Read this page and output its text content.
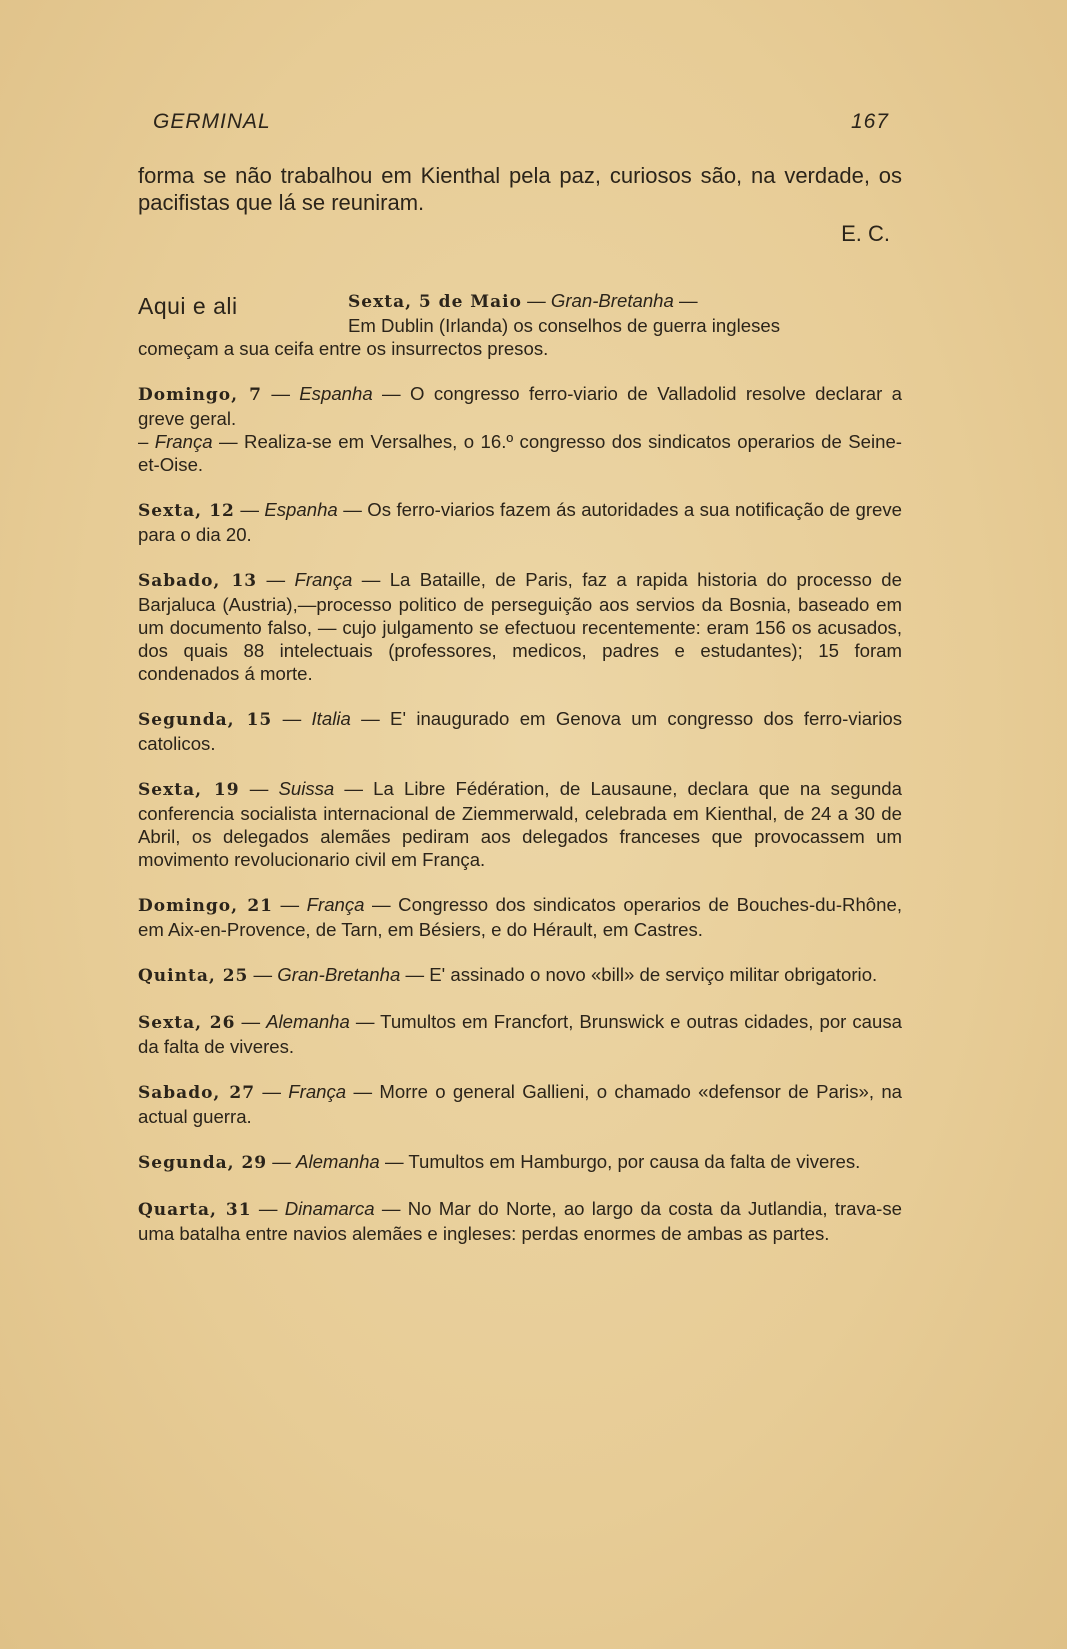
GERMINAL	167

forma se não trabalhou em Kienthal pela paz, curiosos são, na verdade, os pacifistas que lá se reuniram.

E. C.
Aqui e ali	Sexta, 5 de Maio — Gran-Bretanha —

Em Dublin (Irlanda) os conselhos de guerra ingleses

começam a sua ceifa entre os insurrectos presos.

Domingo, 7 — Espanha — O congresso ferro-viario de Valladolid resolve declarar a greve geral.

– França — Realiza-se em Versalhes, o 16.º congresso dos sindicatos operarios de Seine-et-Oise.

Sexta, 12 — Espanha — Os ferro-viarios fazem ás autoridades a sua notificação de greve para o dia 20.

Sabado, 13 — França — La Bataille, de Paris, faz a rapida historia do processo de Barjaluca (Austria),—processo politico de perseguição aos servios da Bosnia, baseado em um documento falso, — cujo julgamento se efectuou recentemente: eram 156 os acusados, dos quais 88 intelectuais (professores, medicos, padres e estudantes); 15 foram condenados á morte.

Segunda, 15 — Italia — E' inaugurado em Genova um congresso dos ferro-viarios catolicos.

Sexta, 19 — Suissa — La Libre Fédération, de Lausaune, declara que na segunda conferencia socialista internacional de Ziemmerwald, celebrada em Kienthal, de 24 a 30 de Abril, os delegados alemães pediram aos delegados franceses que provocassem um movimento revolucionario civil em França.

Domingo, 21 — França — Congresso dos sindicatos operarios de Bouches-du-Rhône, em Aix-en-Provence, de Tarn, em Bésiers, e do Hérault, em Castres.

Quinta, 25 — Gran-Bretanha — E' assinado o novo «bill» de serviço militar obrigatorio.

Sexta, 26 — Alemanha — Tumultos em Francfort, Brunswick e outras cidades, por causa da falta de viveres.

Sabado, 27 — França — Morre o general Gallieni, o chamado «defensor de Paris», na actual guerra.

Segunda, 29 — Alemanha — Tumultos em Hamburgo, por causa da falta de viveres.

Quarta, 31 — Dinamarca — No Mar do Norte, ao largo da costa da Jutlandia, trava-se uma batalha entre navios alemães e ingleses: perdas enormes de ambas as partes.
